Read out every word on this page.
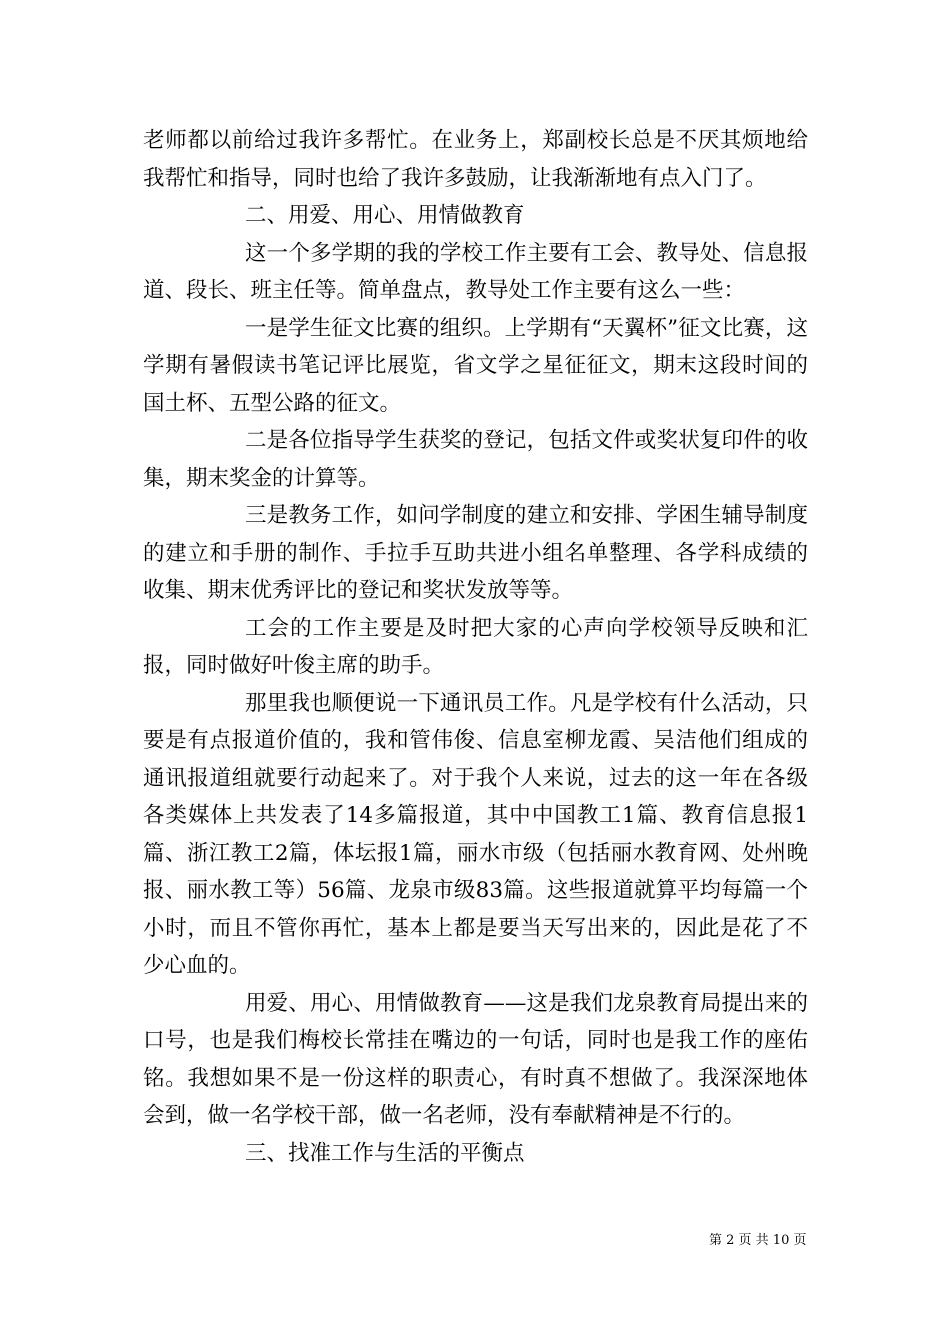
老师都以前给过我许多帮忙。在业务上，郑副校长总是不厌其烦地给我帮忙和指导，同时也给了我许多鼓励，让我渐渐地有点入门了。

二、用爱、用心、用情做教育

这一个多学期的我的学校工作主要有工会、教导处、信息报道、段长、班主任等。简单盘点，教导处工作主要有这么一些：

一是学生征文比赛的组织。上学期有“天翼杯”征文比赛，这学期有暑假读书笔记评比展览，省文学之星征征文，期末这段时间的国土杯、五型公路的征文。

二是各位指导学生获奖的登记，包括文件或奖状复印件的收集，期末奖金的计算等。

三是教务工作，如问学制度的建立和安排、学困生辅导制度的建立和手册的制作、手拉手互助共进小组名单整理、各学科成绩的收集、期末优秀评比的登记和奖状发放等等。

工会的工作主要是及时把大家的心声向学校领导反映和汇报，同时做好叶俊主席的助手。

那里我也顺便说一下通讯员工作。凡是学校有什么活动，只要是有点报道价值的，我和管伟俊、信息室柳龙霞、吴洁他们组成的通讯报道组就要行动起来了。对于我个人来说，过去的这一年在各级各类媒体上共发表了14多篇报道，其中中国教工1篇、教育信息报1篇、浙江教工2篇，体坛报1篇，丽水市级（包括丽水教育网、处州晚报、丽水教工等）56篇、龙泉市级83篇。这些报道就算平均每篇一个小时，而且不管你再忙，基本上都是要当天写出来的，因此是花了不少心血的。

用爱、用心、用情做教育——这是我们龙泉教育局提出来的口号，也是我们梅校长常挂在嘴边的一句话，同时也是我工作的座佑铭。我想如果不是一份这样的职责心，有时真不想做了。我深深地体会到，做一名学校干部，做一名老师，没有奉献精神是不行的。

三、找准工作与生活的平衡点

第 2 页 共 10 页
